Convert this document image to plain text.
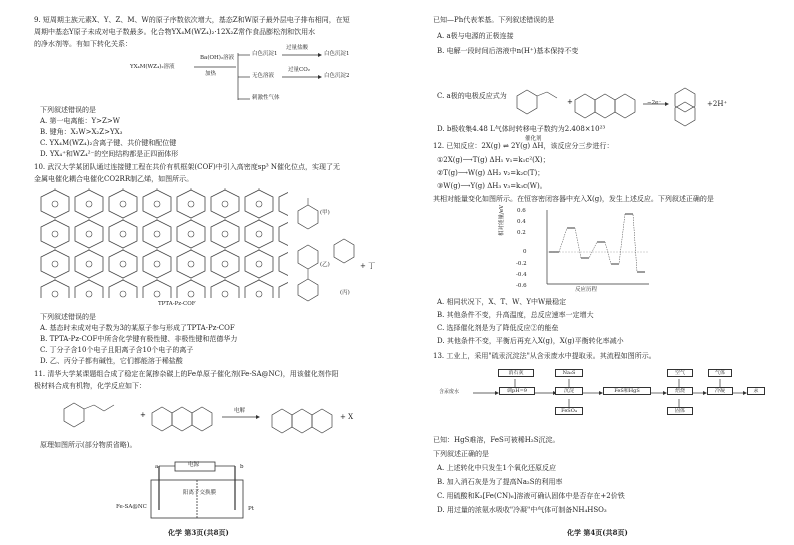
9. 短周期主族元素X、Y、Z、M、W的原子序数依次增大，基态Z和W原子最外层电子排布相同，在短
周期中基态Y原子未成对电子数最多。化合物YX₄M(WZ₄)₂·12X₂Z常作食品膨松剂和饮用水
的净水剂等。有如下转化关系：
YX₄M(WZ₄)₂溶液
Ba(OH)₂溶液
加热
白色沉淀1
过量盐酸
白色沉淀1
无色溶液
过量CO₂
白色沉淀2
刺激性气体
下列叙述错误的是
A. 第一电离能：Y>Z>W
B. 键角：X₂W>X₂Z>YX₃
C. YX₄M(WZ₄)₂含离子键、共价键和配位键
D. YX₄⁺和WZ₄²⁻的空间结构都是正四面体形
10. 武汉大学某团队通过连接键工程在共价有机框架(COF)中引入高密度sp³ N催化位点，实现了无
金属电催化耦合电催化CO2RR制乙烯，如图所示。
TPTA-Pz-COF
(甲)
(乙)
(丙)
+ 丁
下列叙述错误的是
A. 基态时未成对电子数为3的某原子参与形成了TPTA-Pz-COF
B. TPTA-Pz-COF中所含化学键有极性键、非极性键和范德华力
C. 丁分子含10个电子且阳离子含10个电子的离子
D. 乙、丙分子都有碱性，它们都能溶于稀盐酸
11. 清华大学某课题组合成了稳定在氮掺杂碳上的Fe单原子催化剂(Fe-SA@NC)，用该催化剂作阳
极材料合成有机物，化学反应如下：
+	电解
+ X
原理如图所示(部分物质省略)。
电源
a	b
Fe-SA@NC	Pt
阳离子交换膜
化学 第3页(共8页)
已知—Ph代表苯基。下列叙述错误的是
A. a极与电源的正极连接
B. 电解一段时间后溶液中n(H⁺)基本保持不变
C. a极的电极反应式为
+	−2e⁻	+2H⁺
D. b极收集4.48 L气体时转移电子数约为2.408×10²³
催化剂
12. 已知反应：2X(g) ⇌ 2Y(g) ΔH，该反应分三步进行：
①2X(g)⟶T(g) ΔH₁ v₁=k₁c²(X)；
②T(g)⟶W(g) ΔH₂ v₂=k₂c(T)；
③W(g)⟶Y(g) ΔH₃ v₃=k₃c(W)。
其相对能量变化如图所示。在恒容密闭容器中充入X(g)，发生上述反应。下列叙述正确的是
0.6
0.4
0.2
0
-0.2
-0.4
-0.6
相对能量/eV
反应历程
A. 相同状况下，X、T、W、Y中W最稳定
B. 其他条件不变，升高温度，总反应速率一定增大
C. 选择催化剂是为了降低反应②的能垒
D. 其他条件不变，平衡后再充入X(g)，X(g)平衡转化率减小
13. 工业上，采用"硫汞沉淀法"从含汞废水中提取汞。其流程如图所示。
消石灰	Na₂S	空气	气体
含汞废水	调pH=9	沉淀	FeS和HgS	焙烧	冷凝	汞
FeSO₄	固体
已知：HgS难溶，FeS可被稀H₂S沉淀。
下列叙述正确的是
A. 上述转化中只发生1个氧化还原反应
B. 加入消石灰是为了提高Na₂S的利用率
C. 用硫酸和K₃[Fe(CN)₆]溶液可确认固体中是否存在+2价铁
D. 用过量的浓氨水吸收"冷凝"中气体可制备NH₄HSO₃
化学 第4页(共8页)
